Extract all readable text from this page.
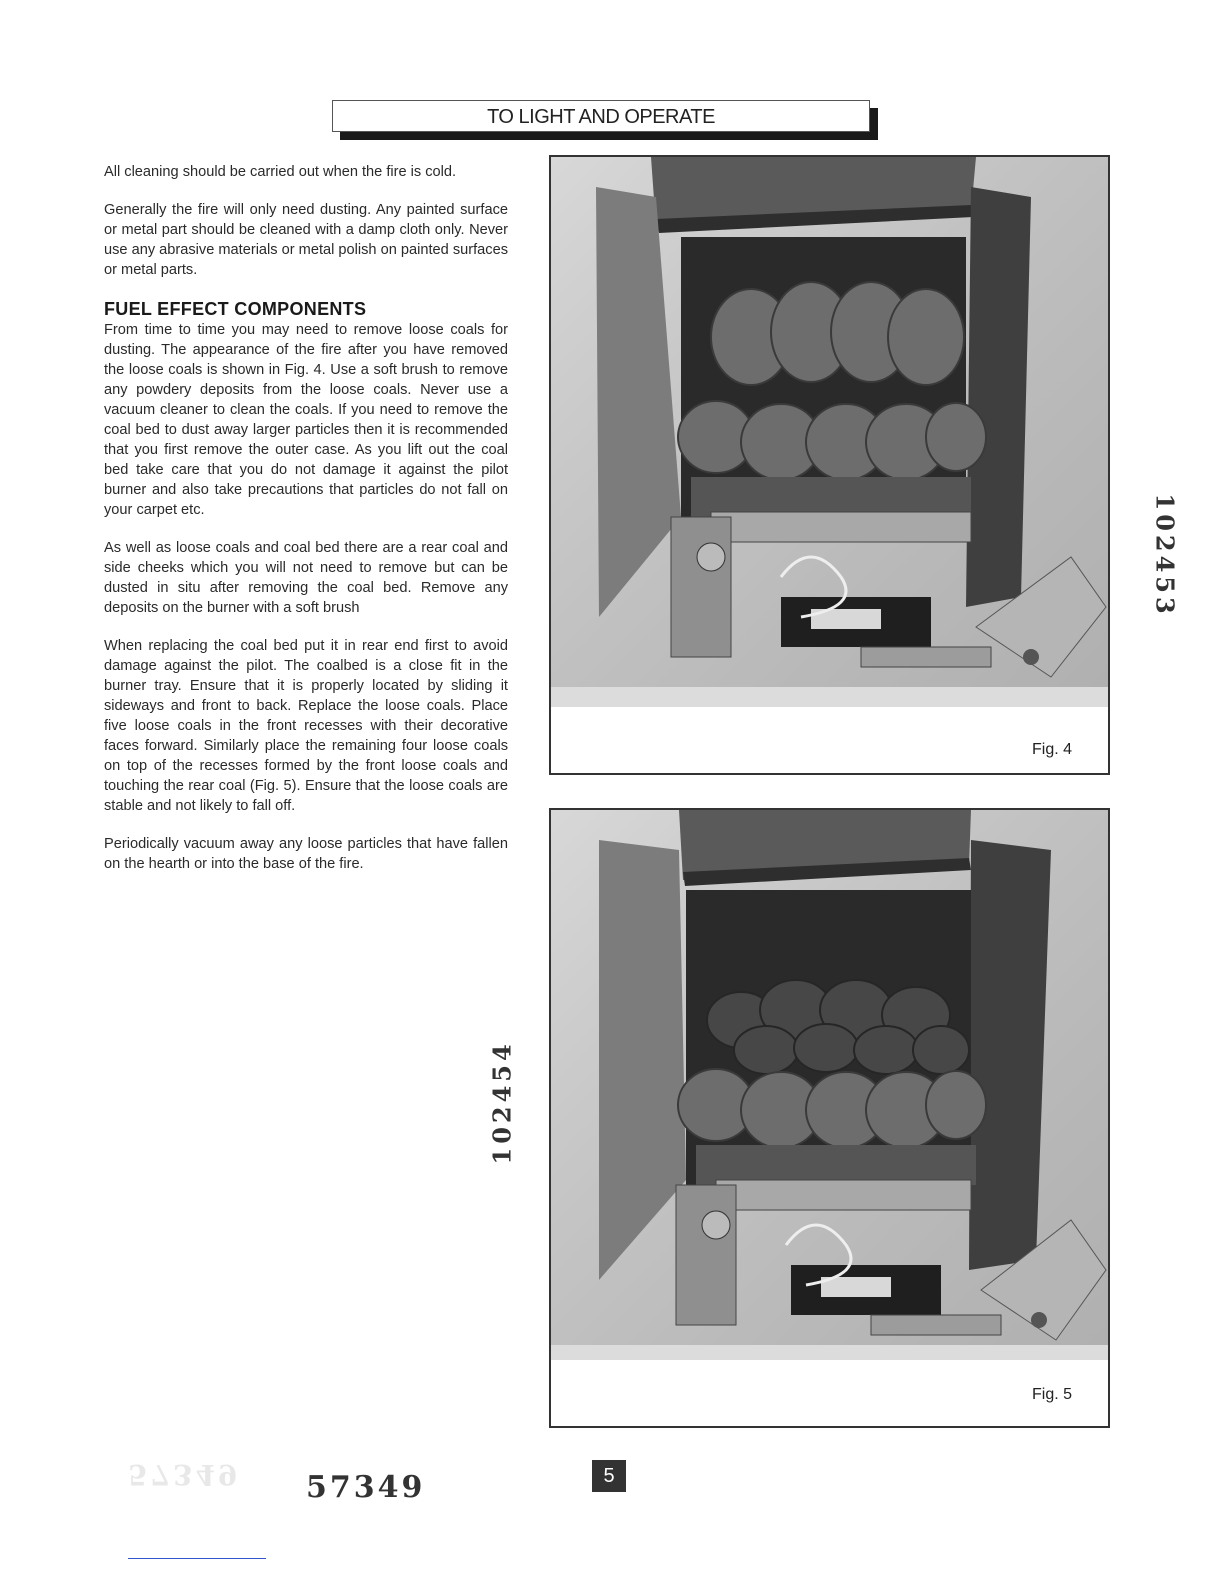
TO LIGHT AND OPERATE

All cleaning should be carried out when the fire is cold.

Generally the fire will only need dusting. Any painted surface or metal part should be cleaned with a damp cloth only. Never use any abrasive materials or metal polish on painted surfaces or metal parts.

FUEL EFFECT COMPONENTS

From time to time you may need to remove loose coals for dusting. The appearance of the fire after you have removed the loose coals is shown in Fig. 4. Use a soft brush to remove any powdery deposits from the loose coals. Never use a vacuum cleaner to clean the coals. If you need to remove the coal bed to dust away larger particles then it is recommended that you first remove the outer case. As you lift out the coal bed take care that you do not damage it against the pilot burner and also take precautions that particles do not fall on your carpet etc.

As well as loose coals and coal bed there are a rear coal and side cheeks which you will not need to remove but can be dusted in situ after removing the coal bed. Remove any deposits on the burner with a soft brush

When replacing the coal bed put it in rear end first to avoid damage against the pilot. The coalbed is a close fit in the burner tray. Ensure that it is properly located by sliding it sideways and front to back. Replace the loose coals. Place five loose coals in the front recesses with their decorative faces forward. Similarly place the remaining four loose coals on top of the recesses formed by the front loose coals and touching the rear coal (Fig. 5). Ensure that the loose coals are stable and not likely to fall off.

Periodically vacuum away any loose particles that have fallen on the hearth or into the base of the fire.

Fig. 4
Fig. 5
102453
102454
57349 57349	5
